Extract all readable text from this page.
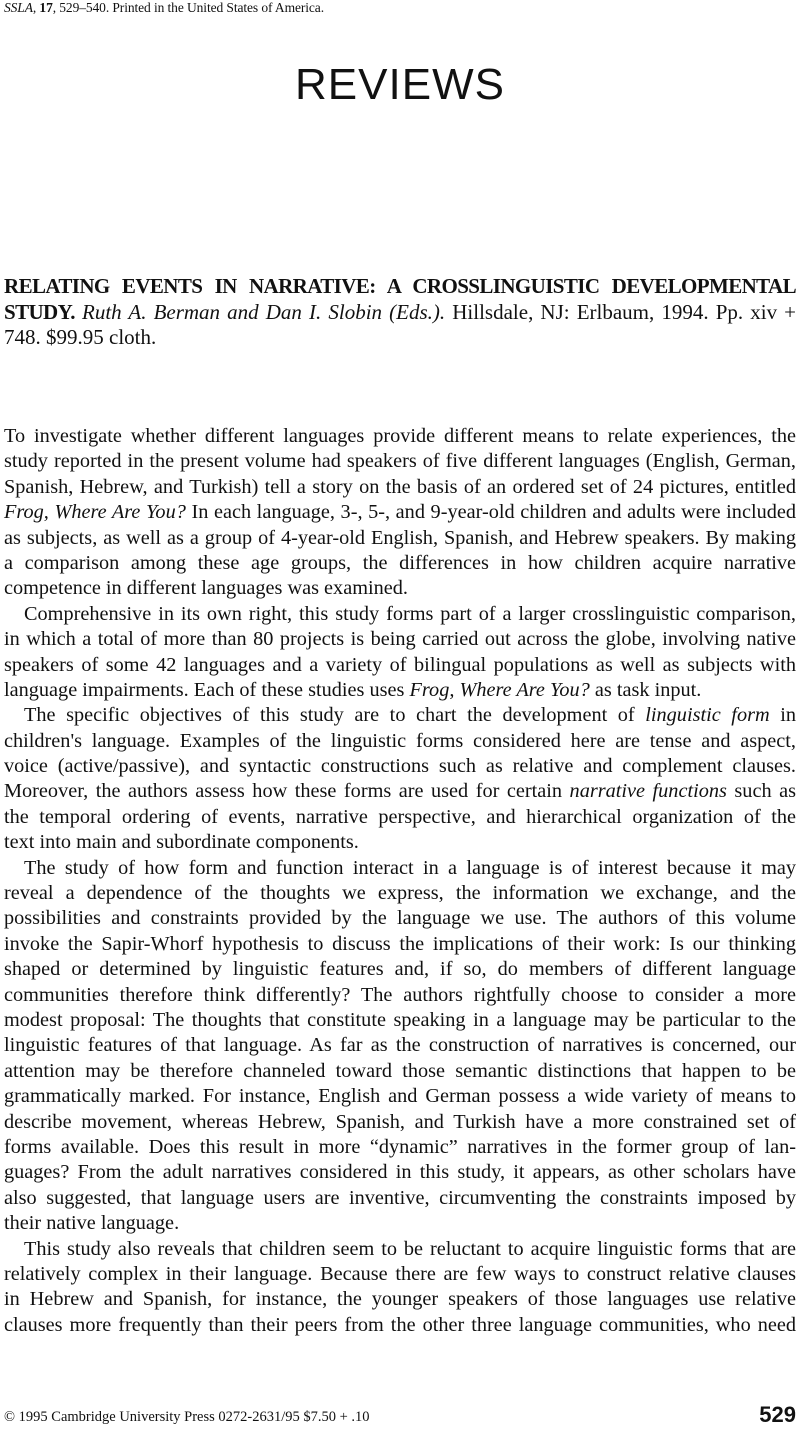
SSLA, 17, 529–540. Printed in the United States of America.
REVIEWS
RELATING EVENTS IN NARRATIVE: A CROSSLINGUISTIC DEVELOPMENTAL STUDY. Ruth A. Berman and Dan I. Slobin (Eds.). Hillsdale, NJ: Erlbaum, 1994. Pp. xiv + 748. $99.95 cloth.
To investigate whether different languages provide different means to relate experiences, the
study reported in the present volume had speakers of five different languages (English, German,
Spanish, Hebrew, and Turkish) tell a story on the basis of an ordered set of 24 pictures, entitled
Frog, Where Are You? In each language, 3-, 5-, and 9-year-old children and adults were included
as subjects, as well as a group of 4-year-old English, Spanish, and Hebrew speakers. By making
a comparison among these age groups, the differences in how children acquire narrative
competence in different languages was examined.
Comprehensive in its own right, this study forms part of a larger crosslinguistic comparison,
in which a total of more than 80 projects is being carried out across the globe, involving native
speakers of some 42 languages and a variety of bilingual populations as well as subjects with
language impairments. Each of these studies uses Frog, Where Are You? as task input.
The specific objectives of this study are to chart the development of linguistic form in
children's language. Examples of the linguistic forms considered here are tense and aspect,
voice (active/passive), and syntactic constructions such as relative and complement clauses.
Moreover, the authors assess how these forms are used for certain narrative functions such as
the temporal ordering of events, narrative perspective, and hierarchical organization of the
text into main and subordinate components.
The study of how form and function interact in a language is of interest because it may
reveal a dependence of the thoughts we express, the information we exchange, and the
possibilities and constraints provided by the language we use. The authors of this volume
invoke the Sapir-Whorf hypothesis to discuss the implications of their work: Is our thinking
shaped or determined by linguistic features and, if so, do members of different language
communities therefore think differently? The authors rightfully choose to consider a more
modest proposal: The thoughts that constitute speaking in a language may be particular to the
linguistic features of that language. As far as the construction of narratives is concerned, our
attention may be therefore channeled toward those semantic distinctions that happen to be
grammatically marked. For instance, English and German possess a wide variety of means to
describe movement, whereas Hebrew, Spanish, and Turkish have a more constrained set of
forms available. Does this result in more “dynamic” narratives in the former group of lan-
guages? From the adult narratives considered in this study, it appears, as other scholars have
also suggested, that language users are inventive, circumventing the constraints imposed by
their native language.
This study also reveals that children seem to be reluctant to acquire linguistic forms that are
relatively complex in their language. Because there are few ways to construct relative clauses
in Hebrew and Spanish, for instance, the younger speakers of those languages use relative
clauses more frequently than their peers from the other three language communities, who need
© 1995 Cambridge University Press 0272-2631/95 $7.50 + .10	529
